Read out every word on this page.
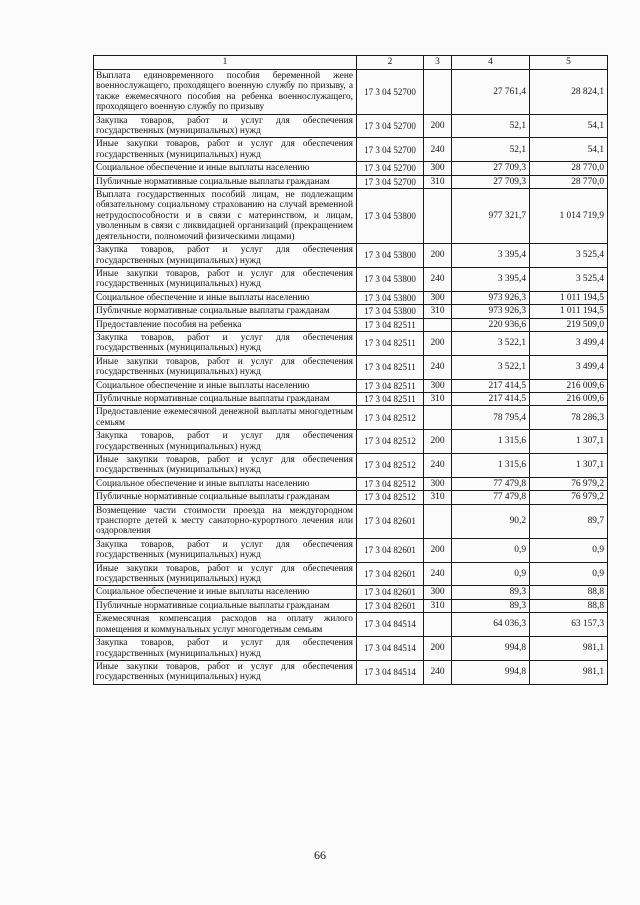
1	2	3	4	5
Выплата единовременного пособия беременной жене военнослужащего, проходящего военную службу по призыву, а также ежемесячного пособия на ребенка военнослужащего, проходящего военную службу по призыву	17 3 04 52700		27 761,4	28 824,1
Закупка товаров, работ и услуг для обеспечения государственных (муниципальных) нужд	17 3 04 52700	200	52,1	54,1
Иные закупки товаров, работ и услуг для обеспечения государственных (муниципальных) нужд	17 3 04 52700	240	52,1	54,1
Социальное обеспечение и иные выплаты населению	17 3 04 52700	300	27 709,3	28 770,0
Публичные нормативные социальные выплаты гражданам	17 3 04 52700	310	27 709,3	28 770,0
Выплата государственных пособий лицам, не подлежащим обязательному социальному страхованию на случай временной нетрудоспособности и в связи с материнством, и лицам, уволенным в связи с ликвидацией организаций (прекращением деятельности, полномочий физическими лицами)	17 3 04 53800		977 321,7	1 014 719,9
Закупка товаров, работ и услуг для обеспечения государственных (муниципальных) нужд	17 3 04 53800	200	3 395,4	3 525,4
Иные закупки товаров, работ и услуг для обеспечения государственных (муниципальных) нужд	17 3 04 53800	240	3 395,4	3 525,4
Социальное обеспечение и иные выплаты населению	17 3 04 53800	300	973 926,3	1 011 194,5
Публичные нормативные социальные выплаты гражданам	17 3 04 53800	310	973 926,3	1 011 194,5
Предоставление пособия на ребенка	17 3 04 82511		220 936,6	219 509,0
Закупка товаров, работ и услуг для обеспечения государственных (муниципальных) нужд	17 3 04 82511	200	3 522,1	3 499,4
Иные закупки товаров, работ и услуг для обеспечения государственных (муниципальных) нужд	17 3 04 82511	240	3 522,1	3 499,4
Социальное обеспечение и иные выплаты населению	17 3 04 82511	300	217 414,5	216 009,6
Публичные нормативные социальные выплаты гражданам	17 3 04 82511	310	217 414,5	216 009,6
Предоставление ежемесячной денежной выплаты многодетным семьям	17 3 04 82512		78 795,4	78 286,3
Закупка товаров, работ и услуг для обеспечения государственных (муниципальных) нужд	17 3 04 82512	200	1 315,6	1 307,1
Иные закупки товаров, работ и услуг для обеспечения государственных (муниципальных) нужд	17 3 04 82512	240	1 315,6	1 307,1
Социальное обеспечение и иные выплаты населению	17 3 04 82512	300	77 479,8	76 979,2
Публичные нормативные социальные выплаты гражданам	17 3 04 82512	310	77 479,8	76 979,2
Возмещение части стоимости проезда на междугородном транспорте детей к месту санаторно-курортного лечения или оздоровления	17 3 04 82601		90,2	89,7
Закупка товаров, работ и услуг для обеспечения государственных (муниципальных) нужд	17 3 04 82601	200	0,9	0,9
Иные закупки товаров, работ и услуг для обеспечения государственных (муниципальных) нужд	17 3 04 82601	240	0,9	0,9
Социальное обеспечение и иные выплаты населению	17 3 04 82601	300	89,3	88,8
Публичные нормативные социальные выплаты гражданам	17 3 04 82601	310	89,3	88,8
Ежемесячная компенсация расходов на оплату жилого помещения и коммунальных услуг многодетным семьям	17 3 04 84514		64 036,3	63 157,3
Закупка товаров, работ и услуг для обеспечения государственных (муниципальных) нужд	17 3 04 84514	200	994,8	981,1
Иные закупки товаров, работ и услуг для обеспечения государственных (муниципальных) нужд	17 3 04 84514	240	994,8	981,1
66
